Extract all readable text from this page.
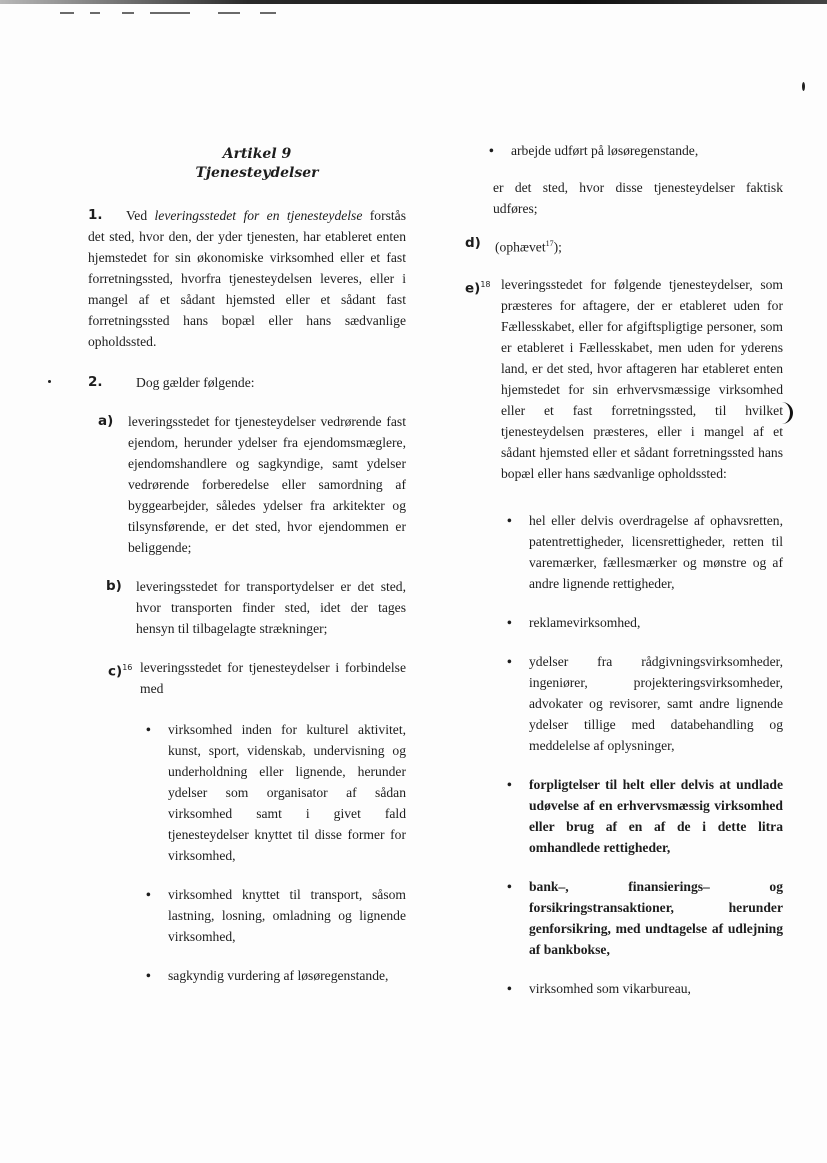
Artikel 9
Tjenesteydelser
1.	Ved leveringsstedet for en tjenesteydelse forstås det sted, hvor den, der yder tjenesten, har etableret enten hjemstedet for sin økonomiske virksomhed eller et fast forretningssted, hvorfra tjenesteydelsen leveres, eller i mangel af et sådant hjemsted eller et sådant fast forretningssted hans bopæl eller hans sædvanlige opholdssted.
2.	Dog gælder følgende:
a) leveringsstedet for tjenesteydelser vedrørende fast ejendom, herunder ydelser fra ejendomsmæglere, ejendomshandlere og sagkyndige, samt ydelser vedrørende forberedelse eller samordning af byggearbejder, således ydelser fra arkitekter og tilsynsførende, er det sted, hvor ejendommen er beliggende;
b) leveringsstedet for transportydelser er det sted, hvor transporten finder sted, idet der tages hensyn til tilbagelagte strækninger;
c)$^{16}$ leveringsstedet for tjenesteydelser i forbindelse med
• virksomhed inden for kulturel aktivitet, kunst, sport, videnskab, undervisning og underholdning eller lignende, herunder ydelser som organisator af sådan virksomhed samt i givet fald tjenesteydelser knyttet til disse former for virksomhed,
• virksomhed knyttet til transport, såsom lastning, losning, omladning og lignende virksomhed,
• sagkyndig vurdering af løsøregenstande,
• arbejde udført på løsøregenstande,
er det sted, hvor disse tjenesteydelser faktisk udføres;
d) (ophævet$^{17}$);
e)$^{18}$ leveringsstedet for følgende tjenesteydelser, som præsteres for aftagere, der er etableret uden for Fællesskabet, eller for afgiftspligtige personer, som er etableret i Fællesskabet, men uden for yderens land, er det sted, hvor aftageren har etableret enten hjemstedet for sin erhvervsmæssige virksomhed eller et fast forretningssted, til hvilket tjenesteydelsen præsteres, eller i mangel af et sådant hjemsted eller et sådant forretningssted hans bopæl eller hans sædvanlige opholdssted:
• hel eller delvis overdragelse af ophavsretten, patentrettigheder, licensrettigheder, retten til varemærker, fællesmærker og mønstre og af andre lignende rettigheder,
• reklamevirksomhed,
• ydelser fra rådgivningsvirksomheder, ingeniører, projekteringsvirksomheder, advokater og revisorer, samt andre lignende ydelser tillige med databehandling og meddelelse af oplysninger,
• forpligtelser til helt eller delvis at undlade udøvelse af en erhvervsmæssig virksomhed eller brug af en af de i dette litra omhandlede rettigheder,
• bank–, finansierings– og forsikringstransaktioner, herunder genforsikring, med undtagelse af udlejning af bankbokse,
• virksomhed som vikarbureau,
